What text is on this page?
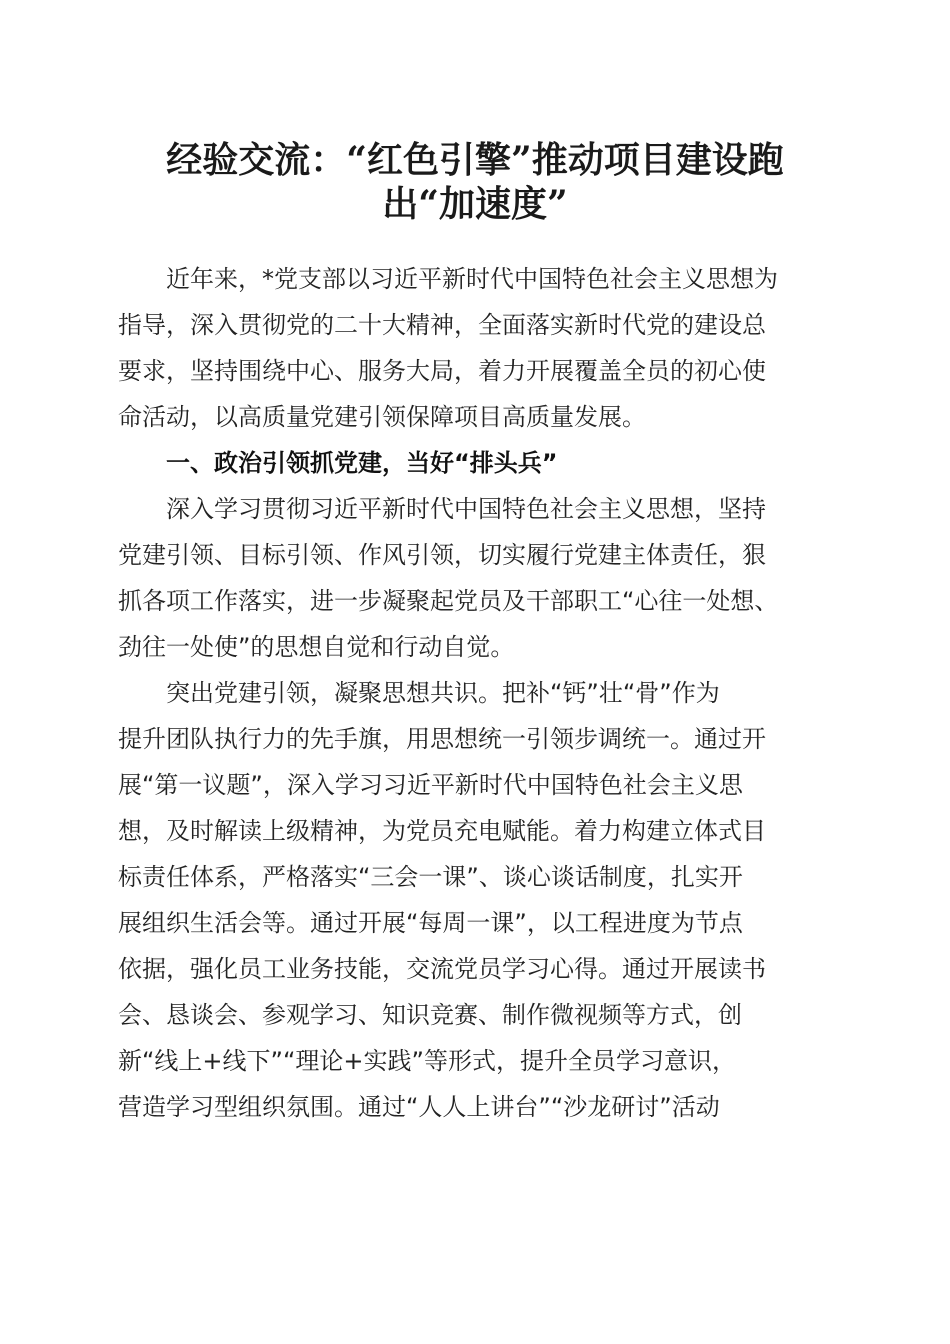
经验交流：“红色引擎”推动项目建设跑
出“加速度”
　　近年来，*党支部以习近平新时代中国特色社会主义思想为
指导，深入贯彻党的二十大精神，全面落实新时代党的建设总
要求，坚持围绕中心、服务大局，着力开展覆盖全员的初心使
命活动，以高质量党建引领保障项目高质量发展。
　　一、政治引领抓党建，当好“排头兵”
　　深入学习贯彻习近平新时代中国特色社会主义思想，坚持
党建引领、目标引领、作风引领，切实履行党建主体责任，狠
抓各项工作落实，进一步凝聚起党员及干部职工“心往一处想、
劲往一处使”的思想自觉和行动自觉。
　　突出党建引领，凝聚思想共识。把补“钙”壮“骨”作为
提升团队执行力的先手旗，用思想统一引领步调统一。通过开
展“第一议题”，深入学习习近平新时代中国特色社会主义思
想，及时解读上级精神，为党员充电赋能。着力构建立体式目
标责任体系，严格落实“三会一课”、谈心谈话制度，扎实开
展组织生活会等。通过开展“每周一课”，以工程进度为节点
依据，强化员工业务技能，交流党员学习心得。通过开展读书
会、恳谈会、参观学习、知识竞赛、制作微视频等方式，创
新“线上+线下”“理论+实践”等形式，提升全员学习意识，
营造学习型组织氛围。通过“人人上讲台”“沙龙研讨”活动
